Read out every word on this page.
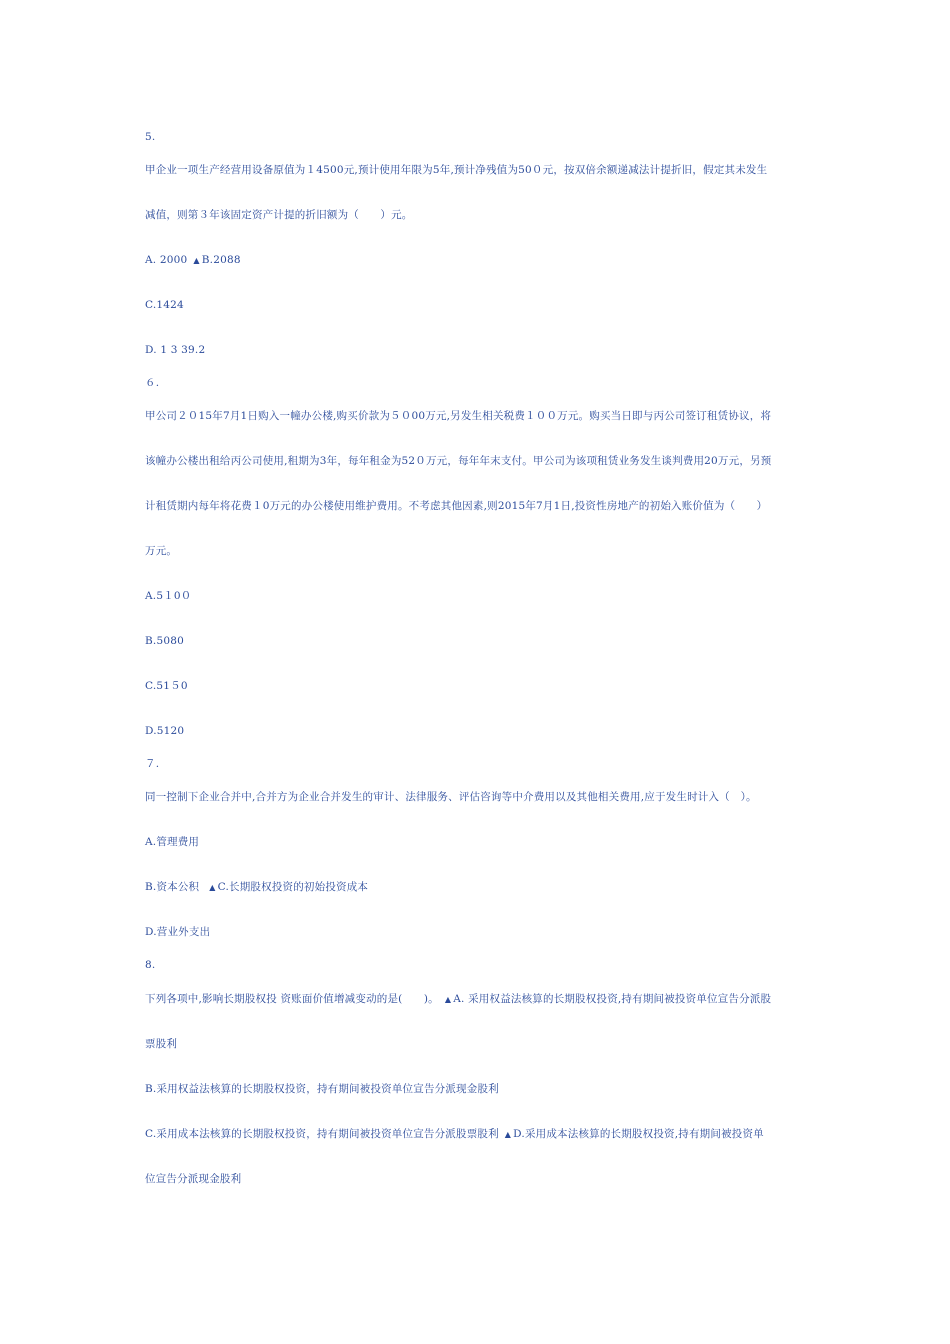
5.
甲企业一项生产经营用设备原值为１4500元,预计使用年限为5年,预计净残值为50０元，按双倍余额递减法计提折旧，假定其未发生
减值，则第３年该固定资产计提的折旧额为（　　）元。
A. 2000 ▲ B.2088
C.1424
D. 1 3 39.2
６.
甲公司２０15年7月1日购入一幢办公楼,购买价款为５０00万元,另发生相关税费１００万元。购买当日即与丙公司签订租赁协议，将
该幢办公楼出租给丙公司使用,租期为3年，每年租金为52０万元，每年年末支付。甲公司为该项租赁业务发生谈判费用20万元，另预
计租赁期内每年将花费１0万元的办公楼使用维护费用。不考虑其他因素,则2015年7月1日,投资性房地产的初始入账价值为（　　）
万元。
A.5１0０
B.5080
C.51５0
D.5120
７.
同一控制下企业合并中,合并方为企业合并发生的审计、法律服务、评估咨询等中介费用以及其他相关费用,应于发生时计入（　）。
A.管理费用
B.资本公积 ▲ C.长期股权投资的初始投资成本
D.营业外支出
8.
下列各项中,影响长期股权投 资账面价值增减变动的是(　　)。 ▲ A. 采用权益法核算的长期股权投资,持有期间被投资单位宣告分派股
票股利
B.采用权益法核算的长期股权投资，持有期间被投资单位宣告分派现金股利
C.采用成本法核算的长期股权投资，持有期间被投资单位宣告分派股票股利 ▲ D.采用成本法核算的长期股权投资,持有期间被投资单
位宣告分派现金股利
